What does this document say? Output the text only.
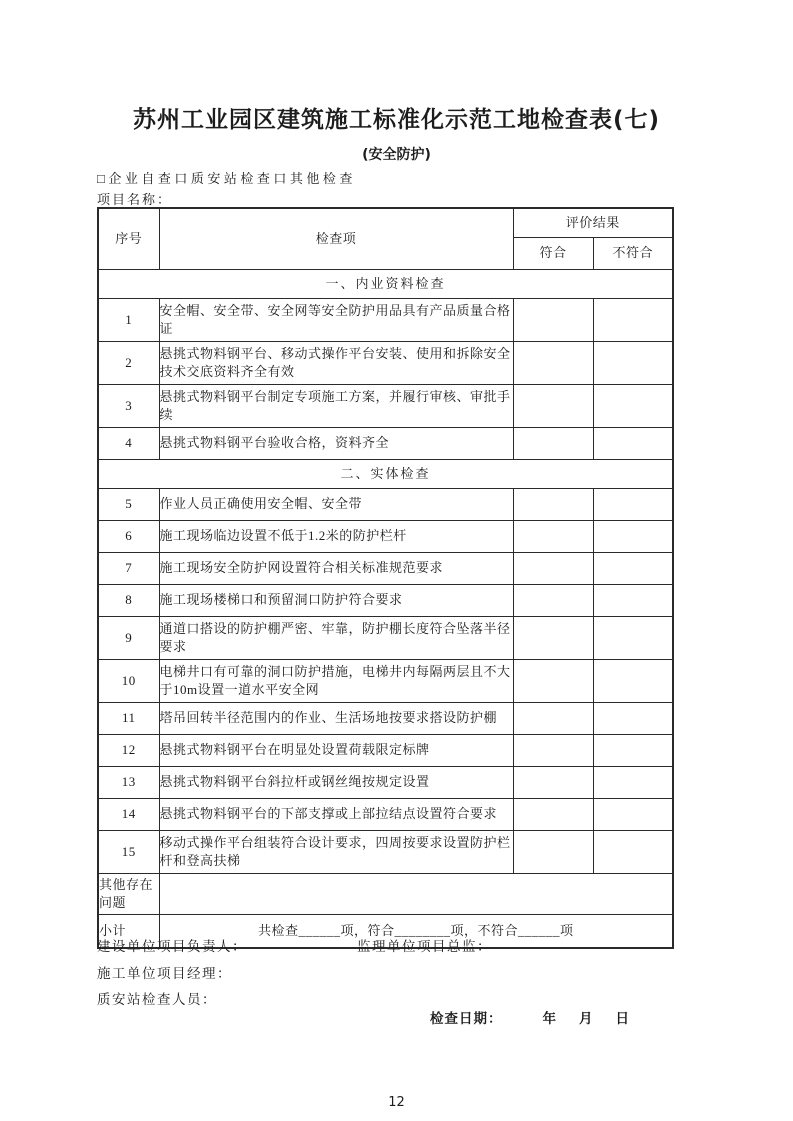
苏州工业园区建筑施工标准化示范工地检查表(七)
(安全防护)
□企业自查口质安站检查口其他检查
项目名称：
序号	检查项	评价结果	
		符合	不符合
一、内业资料检查			
1	安全帽、安全带、安全网等安全防护用品具有产品质量合格证		
2	悬挑式物料钢平台、移动式操作平台安装、使用和拆除安全技术交底资料齐全有效		
3	悬挑式物料钢平台制定专项施工方案，并履行审核、审批手续		
4	悬挑式物料钢平台验收合格，资料齐全		
二、实体检查			
5	作业人员正确使用安全帽、安全带		
6	施工现场临边设置不低于1.2米的防护栏杆		
7	施工现场安全防护网设置符合相关标准规范要求		
8	施工现场楼梯口和预留洞口防护符合要求		
9	通道口搭设的防护棚严密、牢靠，防护棚长度符合坠落半径要求		
10	电梯井口有可靠的洞口防护措施，电梯井内每隔两层且不大于10m设置一道水平安全网		
11	塔吊回转半径范围内的作业、生活场地按要求搭设防护棚		
12	悬挑式物料钢平台在明显处设置荷载限定标牌		
13	悬挑式物料钢平台斜拉杆或钢丝绳按规定设置		
14	悬挑式物料钢平台的下部支撑或上部拉结点设置符合要求		
15	移动式操作平台组装符合设计要求，四周按要求设置防护栏杆和登高扶梯		
其他存在问题			
小计	共检查______项，符合________项，不符合______项		
建设单位项目负责人：	监理单位项目总监：
施工单位项目经理：
质安站检查人员：
检查日期：	年 月 日
12
